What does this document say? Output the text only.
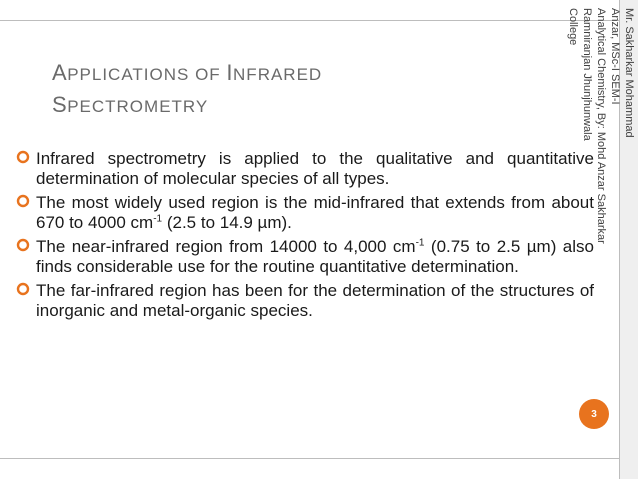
APPLICATIONS OF INFRARED
SPECTROMETRY	Mr. Sakharkar Mohammad
Anzar, MSc-I SEM-I
Analytical Chemistry, By: Mohd Anzar Sakharkar
Ramniranjan Jhunjhunwala
College
Infrared spectrometry is applied to the qualitative and quantitative determination of molecular species of all types.
The most widely used region is the mid-infrared that extends from about 670 to 4000 $cm^{-1}$ (2.5 to 14.9 µm).
The near-infrared region from 14000 to 4,000 $cm^{-1}$ (0.75 to 2.5 µm) also finds considerable use for the routine quantitative determination.
The far-infrared region has been for the determination of the structures of inorganic and metal-organic species.
3
